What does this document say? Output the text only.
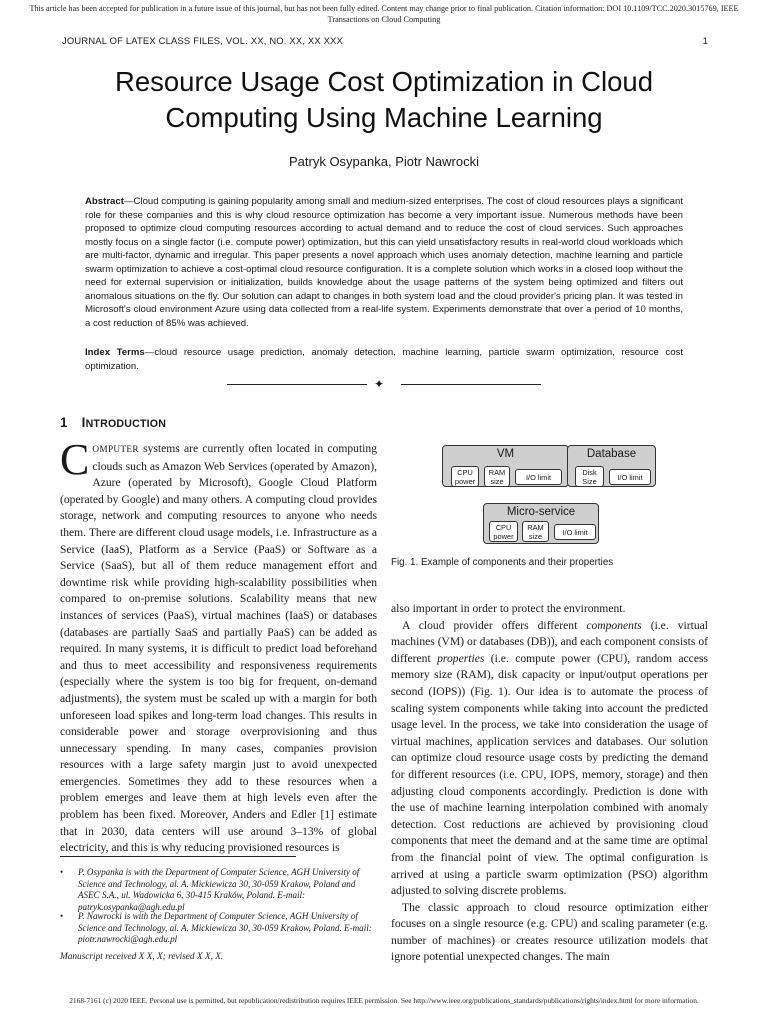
This article has been accepted for publication in a future issue of this journal, but has not been fully edited. Content may change prior to final publication. Citation information: DOI 10.1109/TCC.2020.3015769, IEEE
Transactions on Cloud Computing
JOURNAL OF LATEX CLASS FILES, VOL. XX, NO. XX, XX XXX	1
Resource Usage Cost Optimization in Cloud
Computing Using Machine Learning
Patryk Osypanka, Piotr Nawrocki
Abstract—Cloud computing is gaining popularity among small and medium-sized enterprises. The cost of cloud resources plays a significant role for these companies and this is why cloud resource optimization has become a very important issue. Numerous methods have been proposed to optimize cloud computing resources according to actual demand and to reduce the cost of cloud services. Such approaches mostly focus on a single factor (i.e. compute power) optimization, but this can yield unsatisfactory results in real-world cloud workloads which are multi-factor, dynamic and irregular. This paper presents a novel approach which uses anomaly detection, machine learning and particle swarm optimization to achieve a cost-optimal cloud resource configuration. It is a complete solution which works in a closed loop without the need for external supervision or initialization, builds knowledge about the usage patterns of the system being optimized and filters out anomalous situations on the fly. Our solution can adapt to changes in both system load and the cloud provider's pricing plan. It was tested in Microsoft's cloud environment Azure using data collected from a real-life system. Experiments demonstrate that over a period of 10 months, a cost reduction of 85% was achieved.
Index Terms—cloud resource usage prediction, anomaly detection, machine learning, particle swarm optimization, resource cost optimization.
✦
1 INTRODUCTION
COMPUTER systems are currently often located in computing clouds such as Amazon Web Services (operated by Amazon), Azure (operated by Microsoft), Google Cloud Platform (operated by Google) and many others. A computing cloud provides storage, network and computing resources to anyone who needs them. There are different cloud usage models, i.e. Infrastructure as a Service (IaaS), Platform as a Service (PaaS) or Software as a Service (SaaS), but all of them reduce management effort and downtime risk while providing high-scalability possibilities when compared to on-premise solutions. Scalability means that new instances of services (PaaS), virtual machines (IaaS) or databases (databases are partially SaaS and partially PaaS) can be added as required. In many systems, it is difficult to predict load beforehand and thus to meet accessibility and responsiveness requirements (especially where the system is too big for frequent, on-demand adjustments), the system must be scaled up with a margin for both unforeseen load spikes and long-term load changes. This results in considerable power and storage overprovisioning and thus unnecessary spending. In many cases, companies provision resources with a large safety margin just to avoid unexpected emergencies. Sometimes they add to these resources when a problem emerges and leave them at high levels even after the problem has been fixed. Moreover, Anders and Edler [1] estimate that in 2030, data centers will use around 3–13% of global electricity, and this is why reducing provisioned resources is
• P. Osypanka is with the Department of Computer Science, AGH University of Science and Technology, al. A. Mickiewicza 30, 30-059 Krakow, Poland and ASEC S.A., ul. Wadowicka 6, 30-415 Kraków, Poland. E-mail: patryk.osypanka@agh.edu.pl
• P. Nawrocki is with the Department of Computer Science, AGH University of Science and Technology, al. A. Mickiewicza 30, 30-059 Krakow, Poland. E-mail: piotr.nawrocki@agh.edu.pl
Manuscript received X X, X; revised X X, X.
VM
CPU power
RAM size	I/O limit
Database
Disk Size	I/O limit
Micro-service
CPU power
RAM size	I/O limit
Fig. 1. Example of components and their properties

also important in order to protect the environment.

A cloud provider offers different components (i.e. virtual machines (VM) or databases (DB)), and each component consists of different properties (i.e. compute power (CPU), random access memory size (RAM), disk capacity or input/output operations per second (IOPS)) (Fig. 1). Our idea is to automate the process of scaling system components while taking into account the predicted usage level. In the process, we take into consideration the usage of virtual machines, application services and databases. Our solution can optimize cloud resource usage costs by predicting the demand for different resources (i.e. CPU, IOPS, memory, storage) and then adjusting cloud components accordingly. Prediction is done with the use of machine learning interpolation combined with anomaly detection. Cost reductions are achieved by provisioning cloud components that meet the demand and at the same time are optimal from the financial point of view. The optimal configuration is arrived at using a particle swarm optimization (PSO) algorithm adjusted to solving discrete problems.

The classic approach to cloud resource optimization either focuses on a single resource (e.g. CPU) and scaling parameter (e.g. number of machines) or creates resource utilization models that ignore potential unexpected changes. The main

2168-7161 (c) 2020 IEEE. Personal use is permitted, but republication/redistribution requires IEEE permission. See http://www.ieee.org/publications_standards/publications/rights/index.html for more information.
